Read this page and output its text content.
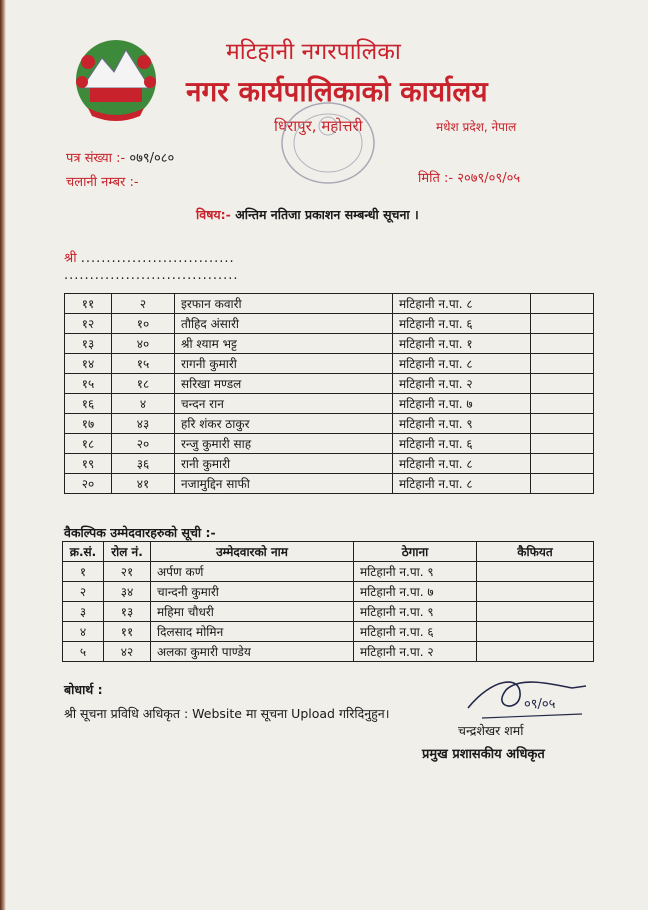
मटिहानी नगरपालिका
नगर कार्यपालिकाको कार्यालय
धिरापुर, महोत्तरी	मधेश प्रदेश, नेपाल
पत्र संख्या :- ०७९/०८०
चलानी नम्बर :-	मिति :- २०७९/०९/०५
विषय:- अन्तिम नतिजा प्रकाशन सम्बन्धी सूचना ।
श्री ..............................
..................................
११	२	इरफान कवारी	मटिहानी न.पा. ८	
१२	१०	तौहिद अंसारी	मटिहानी न.पा. ६	
१३	४०	श्री श्याम भट्ट	मटिहानी न.पा. १	
१४	१५	रागनी कुमारी	मटिहानी न.पा. ८	
१५	१८	सरिखा मण्डल	मटिहानी न.पा. २	
१६	४	चन्दन रान	मटिहानी न.पा. ७	
१७	४३	हरि शंकर ठाकुर	मटिहानी न.पा. ९	
१८	२०	रन्जु कुमारी साह	मटिहानी न.पा. ६	
१९	३६	रानी कुमारी	मटिहानी न.पा. ८	
२०	४१	नजामुद्दिन साफी	मटिहानी न.पा. ८	
वैकल्पिक उम्मेदवारहरुको सूची :-
क्र.सं.	रोल नं.	उम्मेदवारको नाम	ठेगाना	कैफियत
१	२१	अर्पण कर्ण	मटिहानी न.पा. ९	
२	३४	चान्दनी कुमारी	मटिहानी न.पा. ७	
३	१३	महिमा चौधरी	मटिहानी न.पा. ९	
४	११	दिलसाद मोमिन	मटिहानी न.पा. ६	
५	४२	अलका कुमारी पाण्डेय	मटिहानी न.पा. २	
बोधार्थ :
श्री सूचना प्रविधि अधिकृत : Website मा सूचना Upload गरिदिनुहुन।
०९/०५
चन्द्रशेखर शर्मा
प्रमुख प्रशासकीय अधिकृत
